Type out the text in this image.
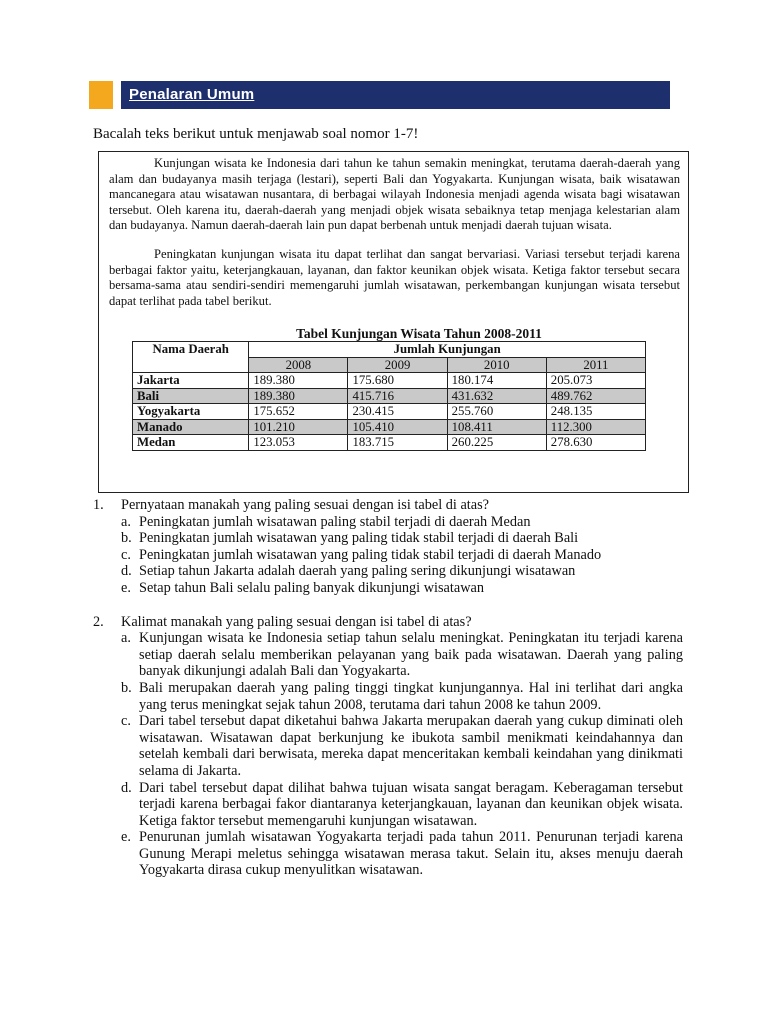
Penalaran Umum
Bacalah teks berikut untuk menjawab soal nomor 1-7!

Kunjungan wisata ke Indonesia dari tahun ke tahun semakin meningkat, terutama daerah-daerah yang alam dan budayanya masih terjaga (lestari), seperti Bali dan Yogyakarta. Kunjungan wisata, baik wisatawan mancanegara atau wisatawan nusantara, di berbagai wilayah Indonesia menjadi agenda wisata bagi wisatawan tersebut. Oleh karena itu, daerah-daerah yang menjadi objek wisata sebaiknya tetap menjaga kelestarian alam dan budayanya. Namun daerah-daerah lain pun dapat berbenah untuk menjadi daerah tujuan wisata.

Peningkatan kunjungan wisata itu dapat terlihat dan sangat bervariasi. Variasi tersebut terjadi karena berbagai faktor yaitu, keterjangkauan, layanan, dan faktor keunikan objek wisata. Ketiga faktor tersebut secara bersama-sama atau sendiri-sendiri memengaruhi jumlah wisatawan, perkembangan kunjungan wisata tersebut dapat terlihat pada tabel berikut.

Tabel Kunjungan Wisata Tahun 2008-2011
Nama Daerah	Jumlah Kunjungan			
	2008	2009	2010	2011
Jakarta	189.380	175.680	180.174	205.073
Bali	189.380	415.716	431.632	489.762
Yogyakarta	175.652	230.415	255.760	248.135
Manado	101.210	105.410	108.411	112.300
Medan	123.053	183.715	260.225	278.630
1. Pernyataan manakah yang paling sesuai dengan isi tabel di atas?
a. Peningkatan jumlah wisatawan paling stabil terjadi di daerah Medan
b. Peningkatan jumlah wisatawan yang paling tidak stabil terjadi di daerah Bali
c. Peningkatan jumlah wisatawan yang paling tidak stabil terjadi di daerah Manado
d. Setiap tahun Jakarta adalah daerah yang paling sering dikunjungi wisatawan
e. Setap tahun Bali selalu paling banyak dikunjungi wisatawan
2. Kalimat manakah yang paling sesuai dengan isi tabel di atas?
a. Kunjungan wisata ke Indonesia setiap tahun selalu meningkat. Peningkatan itu terjadi karena setiap daerah selalu memberikan pelayanan yang baik pada wisatawan. Daerah yang paling banyak dikunjungi adalah Bali dan Yogyakarta.
b. Bali merupakan daerah yang paling tinggi tingkat kunjungannya. Hal ini terlihat dari angka yang terus meningkat sejak tahun 2008, terutama dari tahun 2008 ke tahun 2009.
c. Dari tabel tersebut dapat diketahui bahwa Jakarta merupakan daerah yang cukup diminati oleh wisatawan. Wisatawan dapat berkunjung ke ibukota sambil menikmati keindahannya dan setelah kembali dari berwisata, mereka dapat menceritakan kembali keindahan yang dinikmati selama di Jakarta.
d. Dari tabel tersebut dapat dilihat bahwa tujuan wisata sangat beragam. Keberagaman tersebut terjadi karena berbagai fakor diantaranya keterjangkauan, layanan dan keunikan objek wisata. Ketiga faktor tersebut memengaruhi kunjungan wisatawan.
e. Penurunan jumlah wisatawan Yogyakarta terjadi pada tahun 2011. Penurunan terjadi karena Gunung Merapi meletus sehingga wisatawan merasa takut. Selain itu, akses menuju daerah Yogyakarta dirasa cukup menyulitkan wisatawan.
